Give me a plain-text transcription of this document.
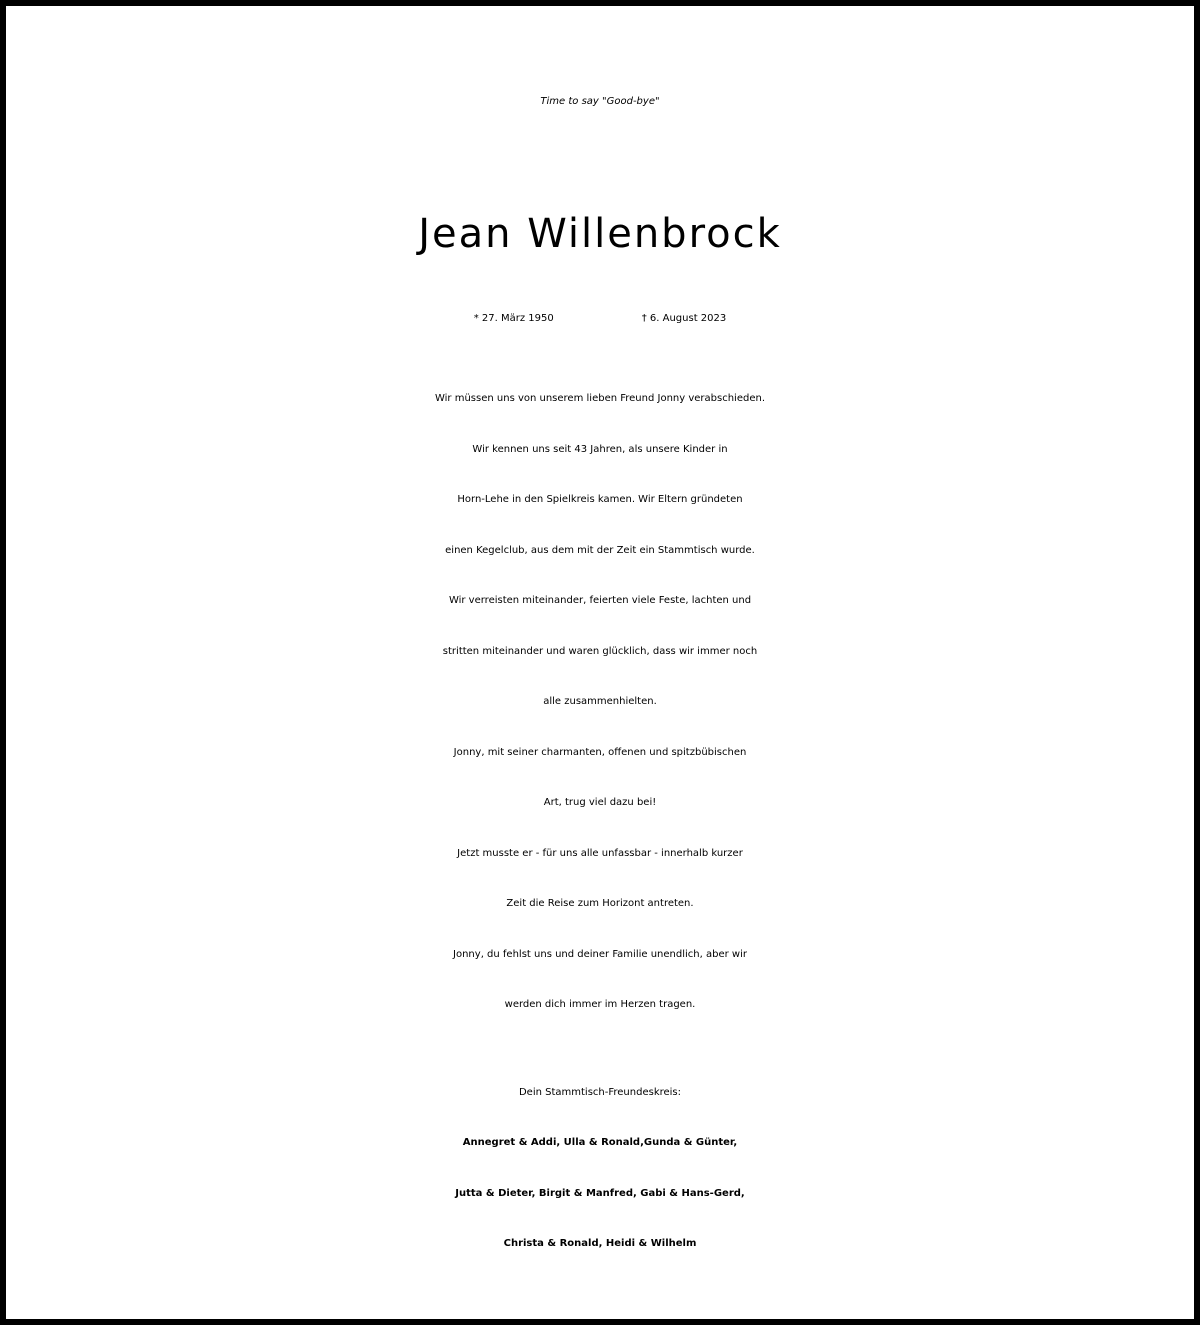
Time to say "Good-bye"
Jean Willenbrock
* 27. März 1950	† 6. August 2023
Wir müssen uns von unserem lieben Freund Jonny verabschieden.
Wir kennen uns seit 43 Jahren, als unsere Kinder in
Horn-Lehe in den Spielkreis kamen. Wir Eltern gründeten
einen Kegelclub, aus dem mit der Zeit ein Stammtisch wurde.
Wir verreisten miteinander, feierten viele Feste, lachten und
stritten miteinander und waren glücklich, dass wir immer noch
alle zusammenhielten.
Jonny, mit seiner charmanten, offenen und spitzbübischen
Art, trug viel dazu bei!
Jetzt musste er - für uns alle unfassbar - innerhalb kurzer
Zeit die Reise zum Horizont antreten.
Jonny, du fehlst uns und deiner Familie unendlich, aber wir
werden dich immer im Herzen tragen.
Dein Stammtisch-Freundeskreis:
Annegret & Addi, Ulla & Ronald,Gunda & Günter,
Jutta & Dieter, Birgit & Manfred, Gabi & Hans-Gerd,
Christa & Ronald, Heidi & Wilhelm
